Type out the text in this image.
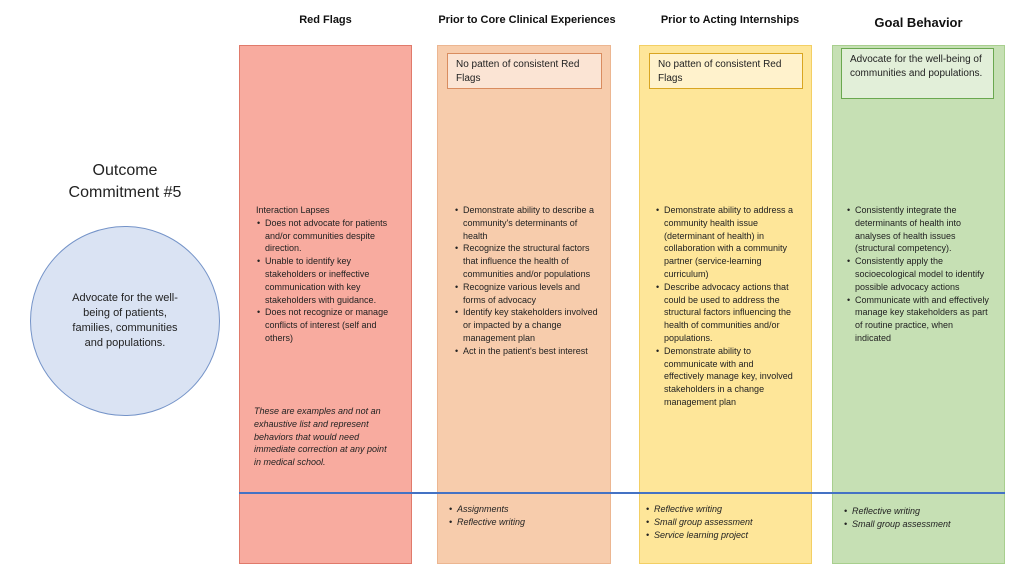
Red Flags	Prior to Core Clinical Experiences	Prior to Acting Internships	Goal Behavior
No patten of consistent Red Flags
No patten of consistent Red Flags
Advocate for the well-being of communities and populations.
Outcome
Commitment #5
Advocate for the well-being of patients, families, communities and populations.
Interaction Lapses
• Does not advocate for patients and/or communities despite direction.
• Unable to identify key stakeholders or ineffective communication with key stakeholders with guidance.
• Does not recognize or manage conflicts of interest (self and others)
These are examples and not an exhaustive list and represent behaviors that would need immediate correction at any point in medical school.
• Demonstrate ability to describe a community's determinants of health
• Recognize the structural factors that influence the health of communities and/or populations
• Recognize various levels and forms of advocacy
• Identify key stakeholders involved or impacted by a change management plan
• Act in the patient's best interest
• Demonstrate ability to address a community health issue (determinant of health) in collaboration with a community partner (service-learning curriculum)
• Describe advocacy actions that could be used to address the structural factors influencing the health of communities and/or populations.
• Demonstrate ability to communicate with and effectively manage key, involved stakeholders in a change management plan
• Consistently integrate the determinants of health into analyses of health issues (structural competency).
• Consistently apply the socioecological model to identify possible advocacy actions
• Communicate with and effectively manage key stakeholders as part of routine practice, when indicated
• Assignments
• Reflective writing
• Reflective writing
• Small group assessment
• Service learning project
• Reflective writing
• Small group assessment
